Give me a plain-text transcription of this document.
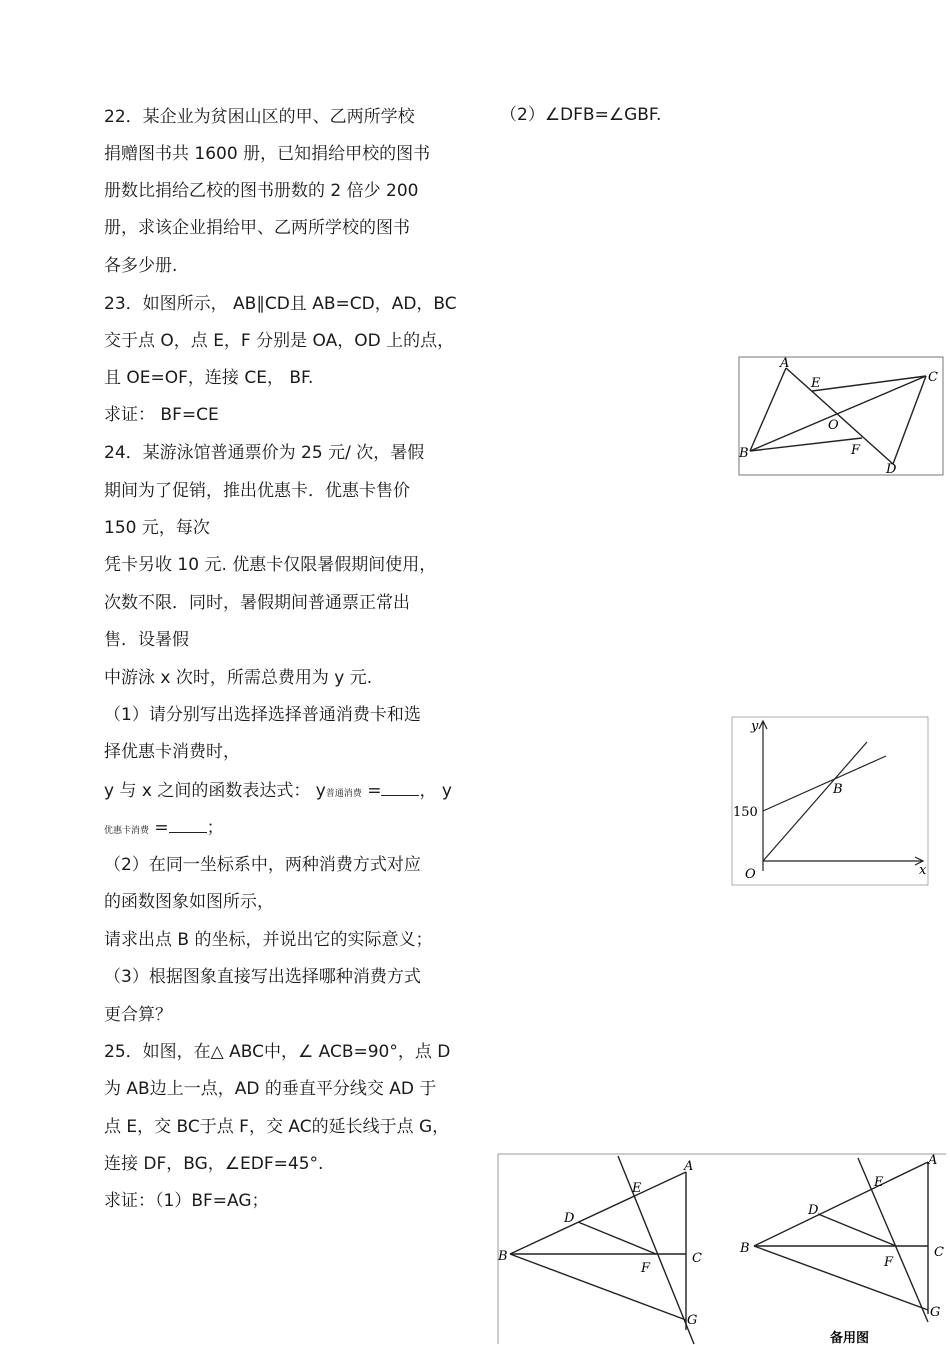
22．某企业为贫困山区的甲、乙两所学校
捐赠图书共 1600 册，已知捐给甲校的图书
册数比捐给乙校的图书册数的 2 倍少 200
册，求该企业捐给甲、乙两所学校的图书
各多少册.
23．如图所示， AB∥CD且 AB=CD，AD，BC
交于点 O，点 E，F 分别是 OA，OD 上的点，
且 OE=OF，连接 CE， BF.
求证： BF=CE
24．某游泳馆普通票价为 25 元/ 次，暑假
期间为了促销，推出优惠卡．优惠卡售价
150 元，每次
凭卡另收 10 元. 优惠卡仅限暑假期间使用，
次数不限．同时，暑假期间普通票正常出
售．设暑假
中游泳 x 次时，所需总费用为 y 元.
（1）请分别写出选择选择普通消费卡和选
择优惠卡消费时，
y 与 x 之间的函数表达式： y普通消费 = ， y
优惠卡消费 = ；
（2）在同一坐标系中，两种消费方式对应
的函数图象如图所示，
请求出点 B 的坐标，并说出它的实际意义；
（3）根据图象直接写出选择哪种消费方式
更合算？
25．如图，在△ ABC中，∠ ACB=90°，点 D
为 AB边上一点，AD 的垂直平分线交 AD 于
点 E，交 BC于点 F，交 AC的延长线于点 G，
连接 DF，BG，∠EDF=45°.
求证：（1）BF=AG；
（2）∠DFB=∠GBF.
A
E	C
O
B	F
D
y
x
O
150
B
A
E
D
B	C
F
G
A
E
D
B	C
F
G
备用图
